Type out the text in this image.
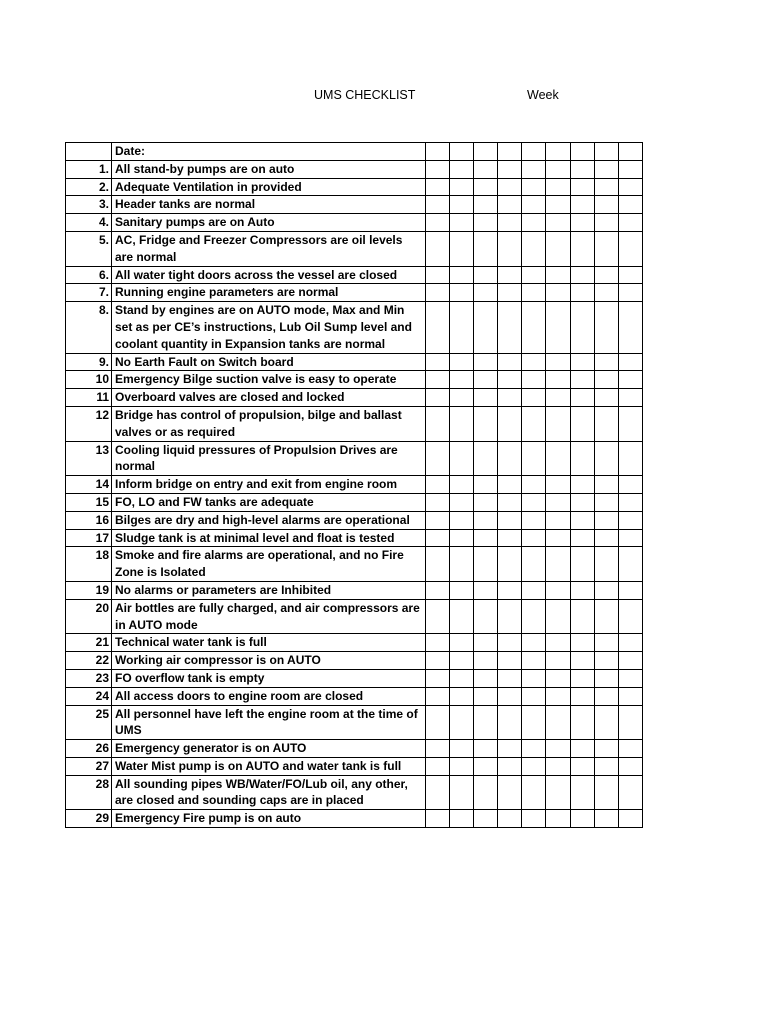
UMS CHECKLIST	Week
	Date:									
1.	All stand-by pumps are on auto									
2.	Adequate Ventilation in provided									
3.	Header tanks are normal									
4.	Sanitary pumps are on Auto									
5.	AC, Fridge and Freezer Compressors are oil levels are normal									
6.	All water tight doors across the vessel are closed									
7.	Running engine parameters are normal									
8.	Stand by engines are on AUTO mode, Max and Min set as per CE’s instructions, Lub Oil Sump level and coolant quantity in Expansion tanks are normal									
9.	No Earth Fault on Switch board									
10	Emergency Bilge suction valve is easy to operate									
11	Overboard valves are closed and locked									
12	Bridge has control of propulsion, bilge and ballast valves or as required									
13	Cooling liquid pressures of Propulsion Drives are normal									
14	Inform bridge on entry and exit from engine room									
15	FO, LO and FW tanks are adequate									
16	Bilges are dry and high-level alarms are operational									
17	Sludge tank is at minimal level and float is tested									
18	Smoke and fire alarms are operational, and no Fire Zone is Isolated									
19	No alarms or parameters are Inhibited									
20	Air bottles are fully charged, and air compressors are in AUTO mode									
21	Technical water tank is full									
22	Working air compressor is on AUTO									
23	FO overflow tank is empty									
24	All access doors to engine room are closed									
25	All personnel have left the engine room at the time of UMS									
26	Emergency generator is on AUTO									
27	Water Mist pump is on AUTO and water tank is full									
28	All sounding pipes WB/Water/FO/Lub oil, any other, are closed and sounding caps are in placed									
29	Emergency Fire pump is on auto									
